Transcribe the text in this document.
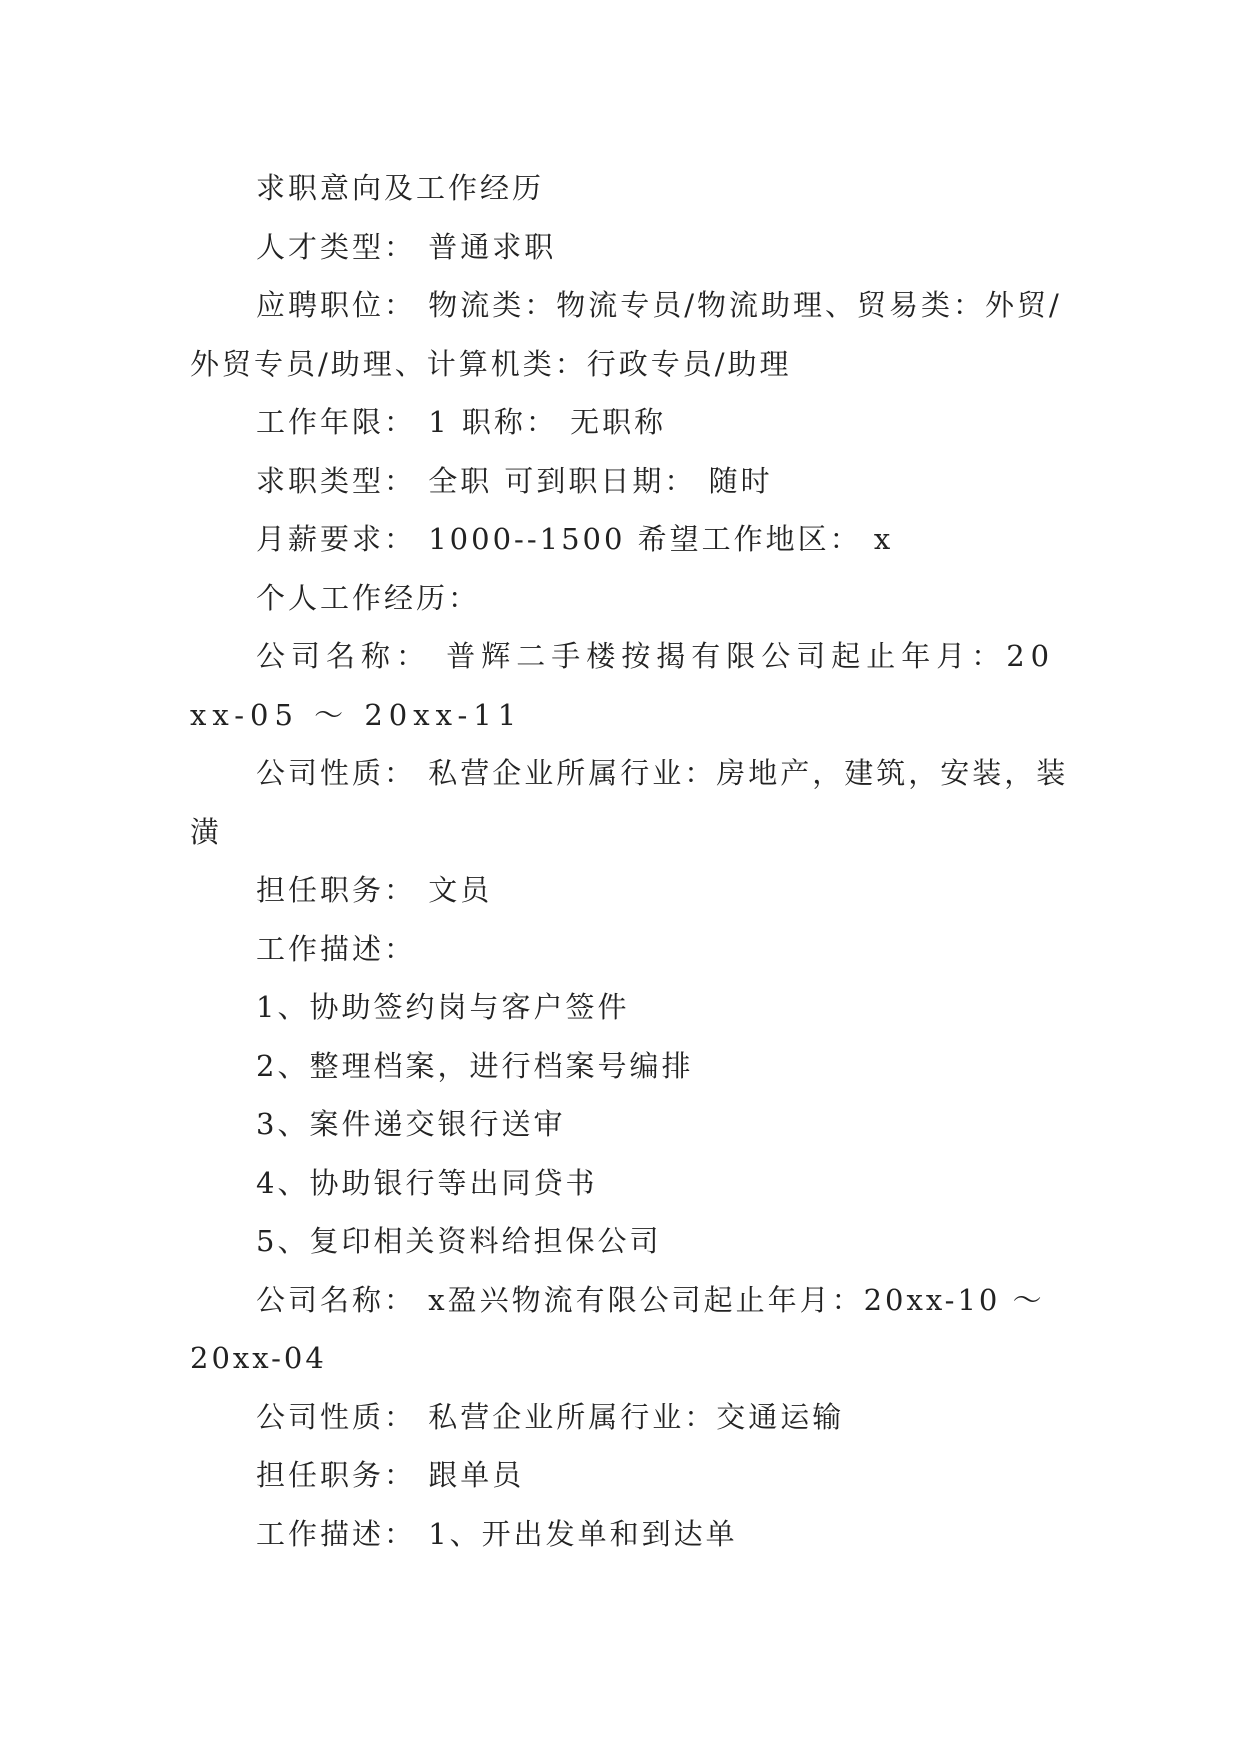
求职意向及工作经历

人才类型： 普通求职

应聘职位： 物流类：物流专员/物流助理、贸易类：外贸/外贸专员/助理、计算机类：行政专员/助理

工作年限： 1 职称： 无职称

求职类型： 全职 可到职日期： 随时

月薪要求： 1000--1500 希望工作地区： x

个人工作经历：

公司名称： 普辉二手楼按揭有限公司起止年月：20xx-05 ～ 20xx-11

公司性质： 私营企业所属行业：房地产，建筑，安装，装潢

担任职务： 文员

工作描述：

1、协助签约岗与客户签件

2、整理档案，进行档案号编排

3、案件递交银行送审

4、协助银行等出同贷书

5、复印相关资料给担保公司

公司名称： x盈兴物流有限公司起止年月：20xx-10 ～ 20xx-04

公司性质： 私营企业所属行业：交通运输

担任职务： 跟单员

工作描述： 1、开出发单和到达单
